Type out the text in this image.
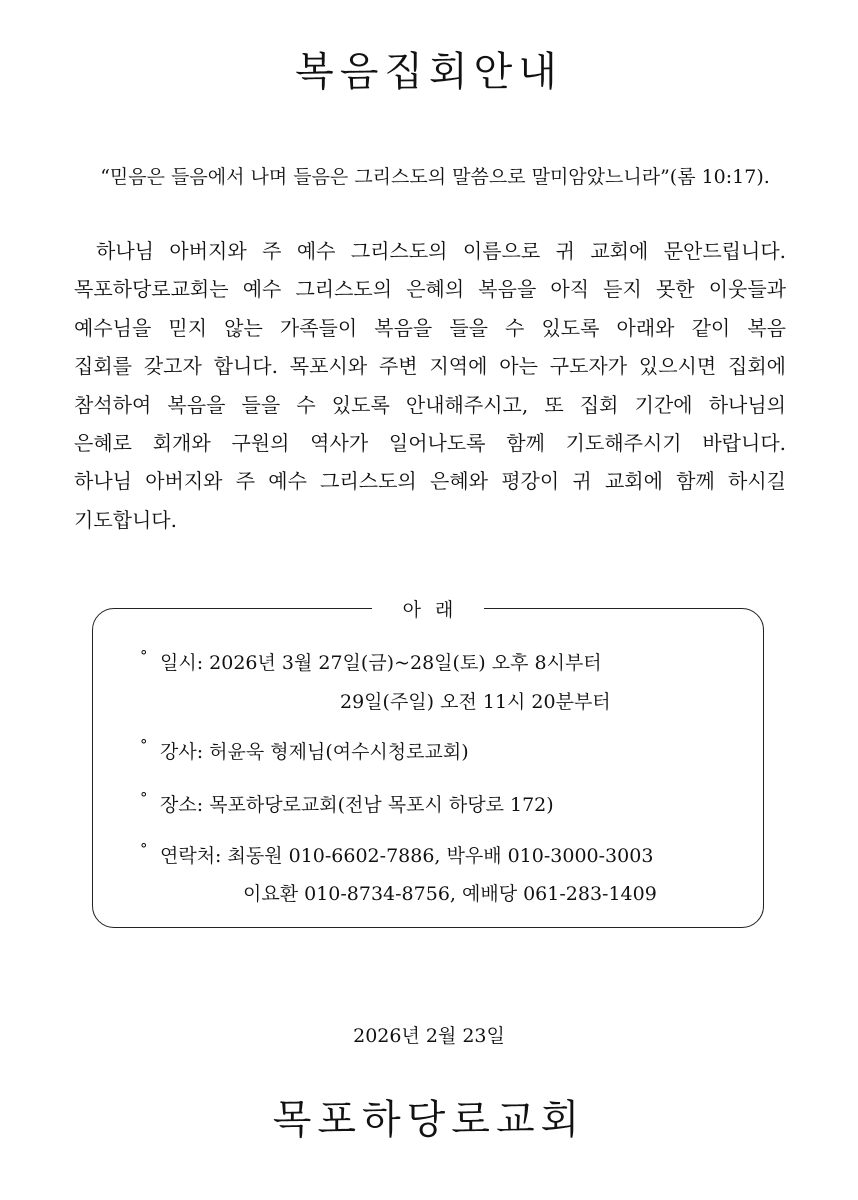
복음집회안내
“믿음은 들음에서 나며 들음은 그리스도의 말씀으로 말미암았느니라”(롬 10:17).
하나님 아버지와 주 예수 그리스도의 이름으로 귀 교회에 문안드립니다.
목포하당로교회는 예수 그리스도의 은혜의 복음을 아직 듣지 못한 이웃들과
예수님을 믿지 않는 가족들이 복음을 들을 수 있도록 아래와 같이 복음
집회를 갖고자 합니다. 목포시와 주변 지역에 아는 구도자가 있으시면 집회에
참석하여 복음을 들을 수 있도록 안내해주시고, 또 집회 기간에 하나님의
은혜로 회개와 구원의 역사가 일어나도록 함께 기도해주시기 바랍니다.
하나님 아버지와 주 예수 그리스도의 은혜와 평강이 귀 교회에 함께 하시길
기도합니다.
아래
° 일시: 2026년 3월 27일(금)~28일(토) 오후 8시부터
29일(주일) 오전 11시 20분부터
° 강사: 허윤욱 형제님(여수시청로교회)
° 장소: 목포하당로교회(전남 목포시 하당로 172)
° 연락처: 최동원 010-6602-7886, 박우배 010-3000-3003
이요환 010-8734-8756, 예배당 061-283-1409
2026년 2월 23일
목포하당로교회
